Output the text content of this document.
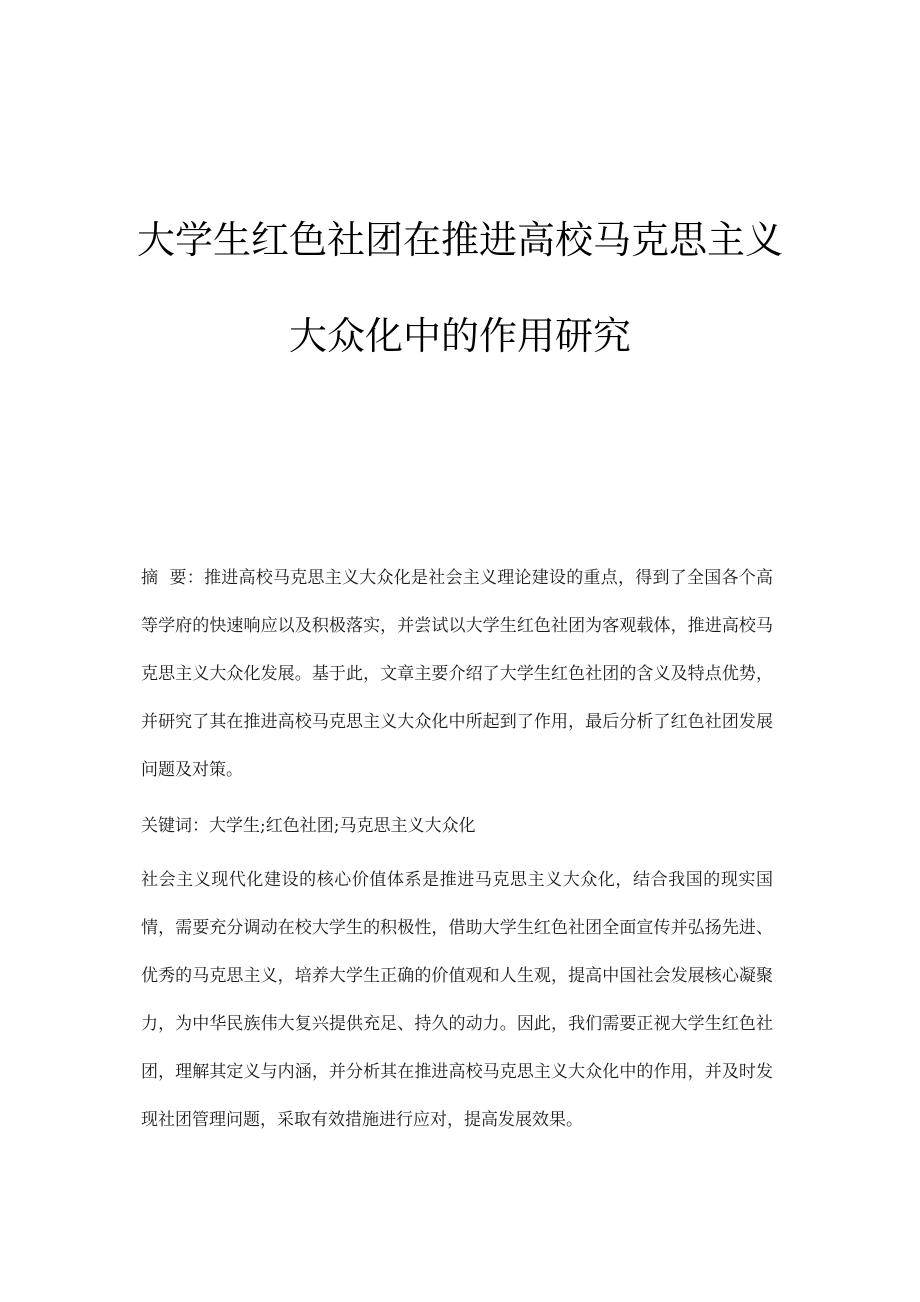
大学生红色社团在推进高校马克思主义
大众化中的作用研究
摘  要：推进高校马克思主义大众化是社会主义理论建设的重点，得到了全国各个高等学府的快速响应以及积极落实，并尝试以大学生红色社团为客观载体，推进高校马克思主义大众化发展。基于此，文章主要介绍了大学生红色社团的含义及特点优势，并研究了其在推进高校马克思主义大众化中所起到了作用，最后分析了红色社团发展问题及对策。
关键词：大学生;红色社团;马克思主义大众化
社会主义现代化建设的核心价值体系是推进马克思主义大众化，结合我国的现实国情，需要充分调动在校大学生的积极性，借助大学生红色社团全面宣传并弘扬先进、优秀的马克思主义，培养大学生正确的价值观和人生观，提高中国社会发展核心凝聚力，为中华民族伟大复兴提供充足、持久的动力。因此，我们需要正视大学生红色社团，理解其定义与内涵，并分析其在推进高校马克思主义大众化中的作用，并及时发现社团管理问题，采取有效措施进行应对，提高发展效果。
